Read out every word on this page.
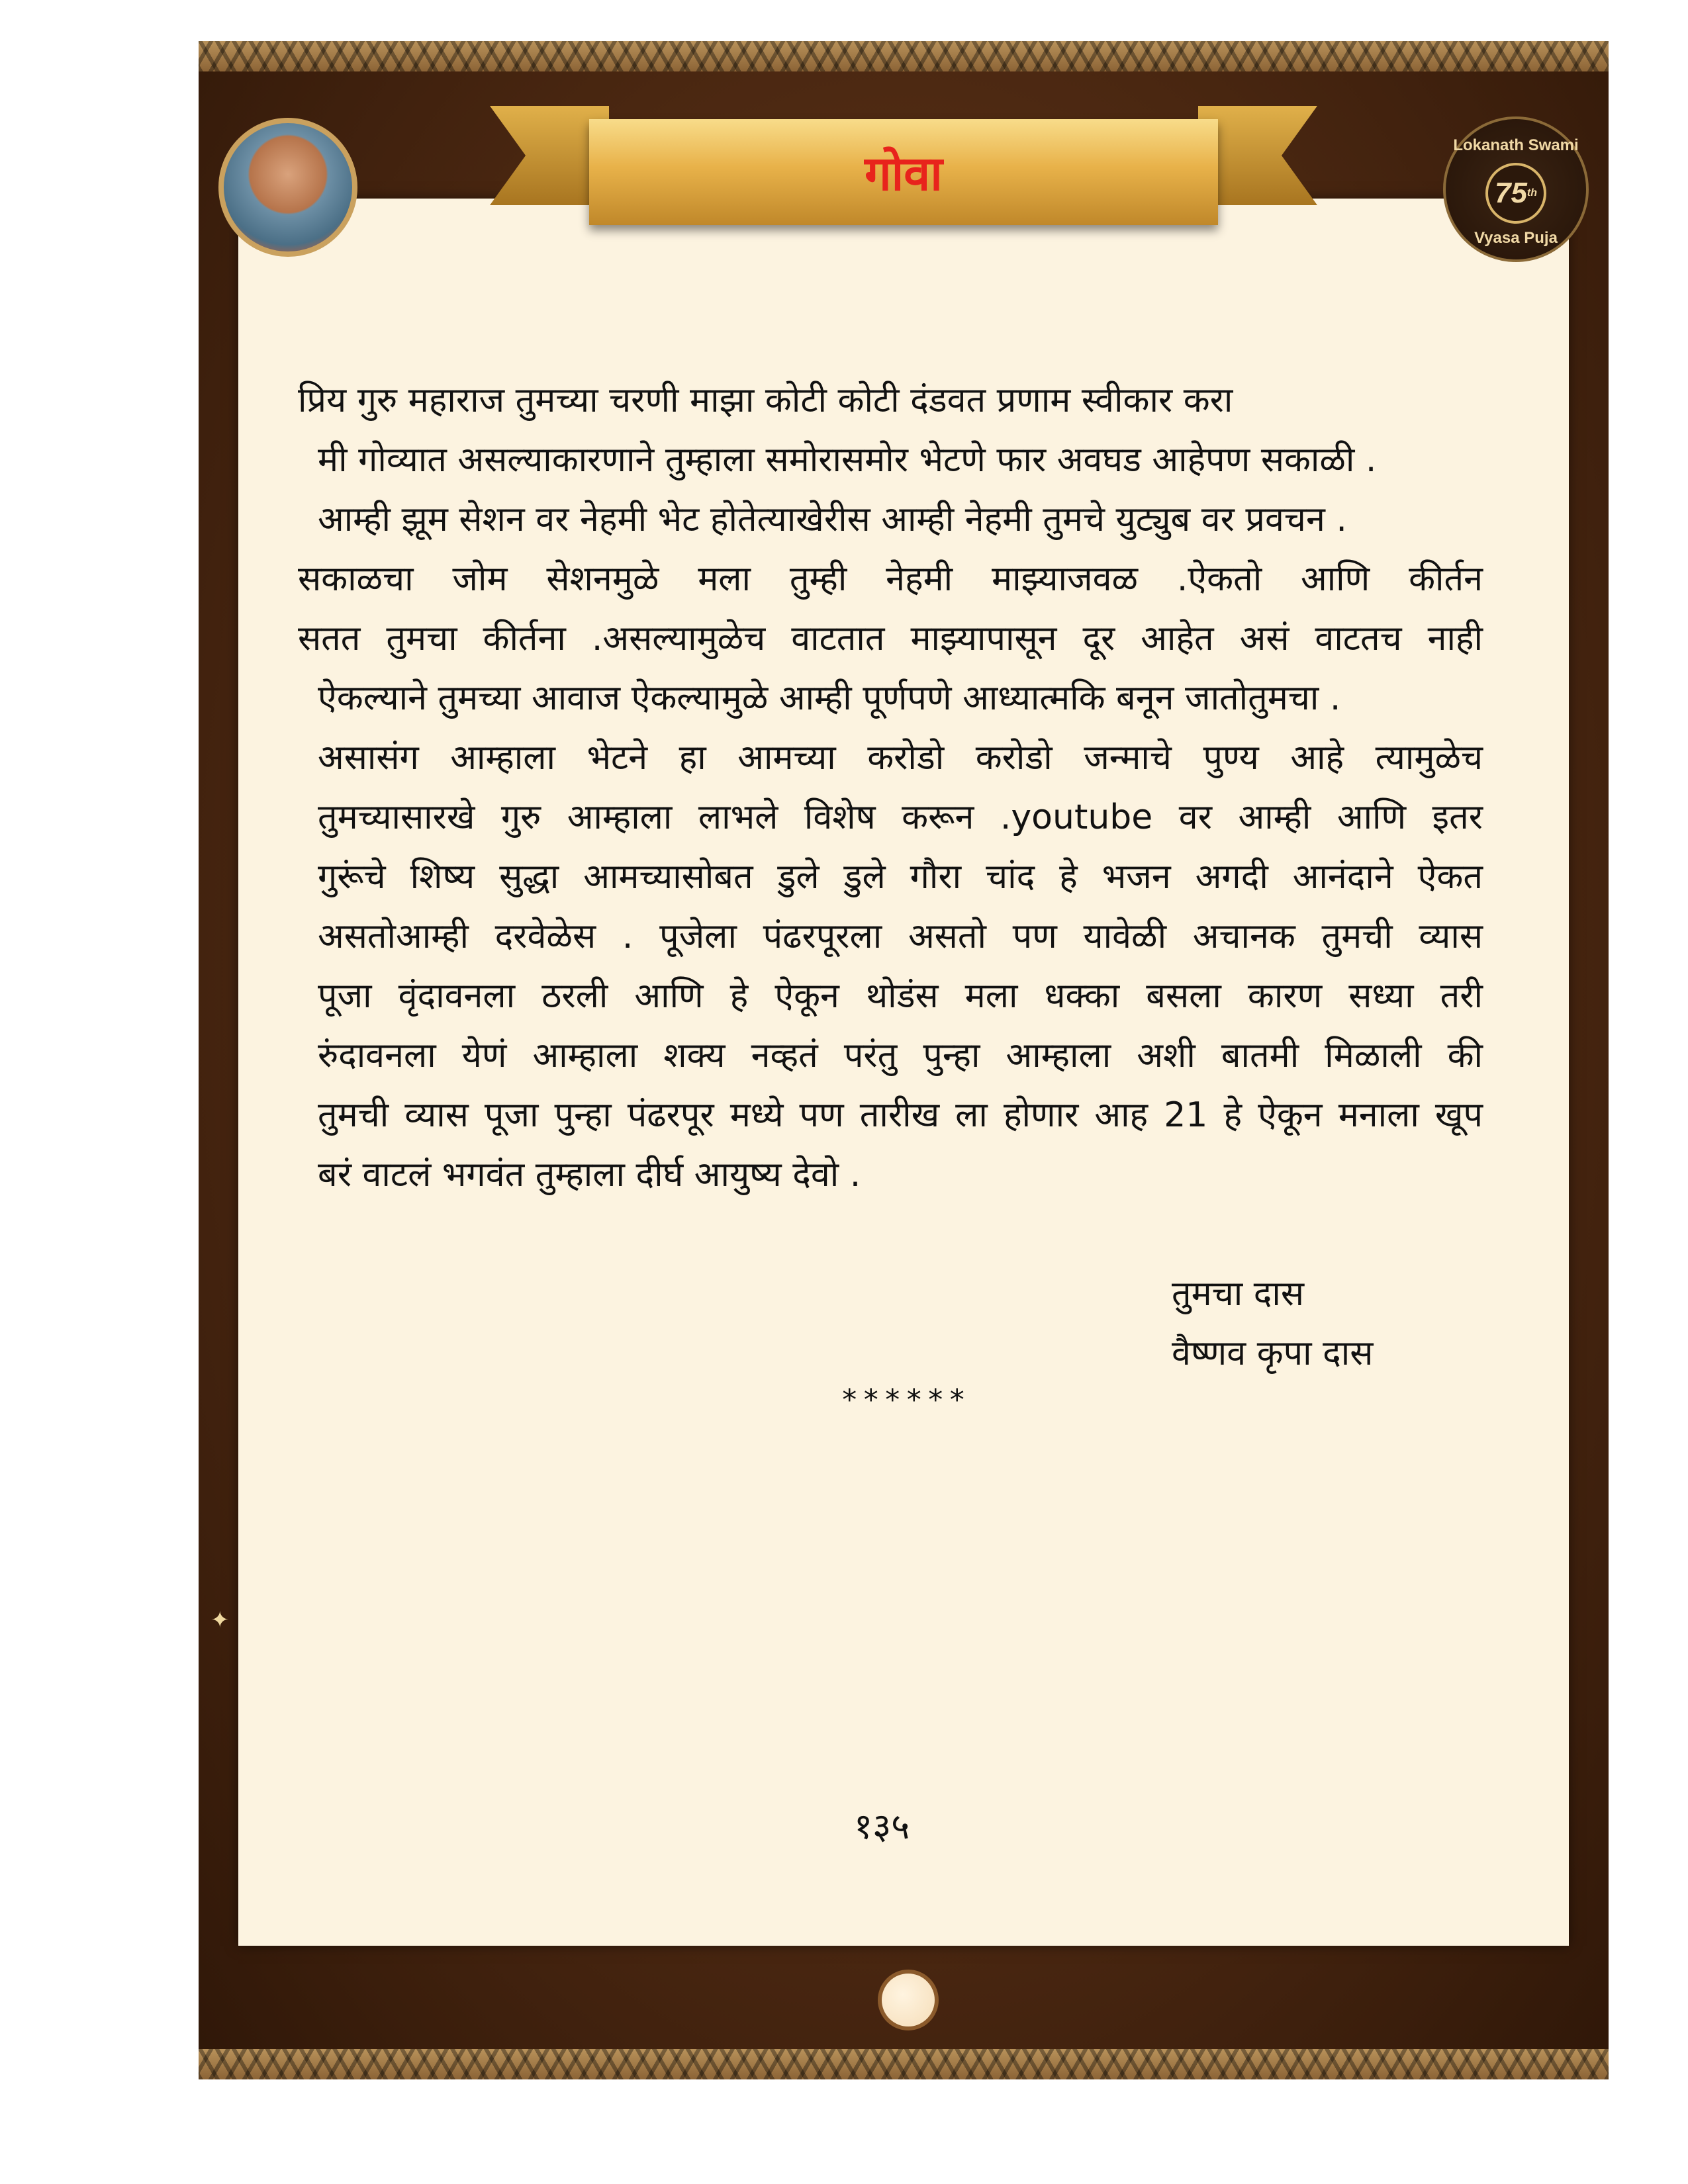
✦
गोवा
Lokanath Swami
75 th
Vyasa Puja
प्रिय गुरु महाराज तुमच्या चरणी माझा कोटी कोटी दंडवत प्रणाम स्वीकार करा
मी गोव्यात असल्याकारणाने तुम्हाला समोरासमोर भेटणे फार अवघड आहेपण सकाळी .
आम्ही झूम सेशन वर नेहमी भेट होतेत्याखेरीस आम्ही नेहमी तुमचे युट्युब वर प्रवचन .
सकाळचा जोम सेशनमुळे मला तुम्ही नेहमी माझ्याजवळ .ऐकतो आणि कीर्तन
सतत तुमचा कीर्तना .असल्यामुळेच वाटतात माझ्यापासून दूर आहेत असं वाटतच नाही
ऐकल्याने तुमच्या आवाज ऐकल्यामुळे आम्ही पूर्णपणे आध्यात्मकि बनून जातोतुमचा .
असासंग आम्हाला भेटने हा आमच्या करोडो करोडो जन्माचे पुण्य आहे त्यामुळेच
तुमच्यासारखे गुरु आम्हाला लाभले विशेष करून .youtube वर आम्ही आणि इतर
गुरूंचे शिष्य सुद्धा आमच्यासोबत डुले डुले गौरा चांद हे भजन अगदी आनंदाने ऐकत
असतोआम्ही दरवेळेस . पूजेला पंढरपूरला असतो पण यावेळी अचानक तुमची व्यास
पूजा वृंदावनला ठरली आणि हे ऐकून थोडंस मला धक्का बसला कारण सध्या तरी
रुंदावनला येणं आम्हाला शक्य नव्हतं परंतु पुन्हा आम्हाला अशी बातमी मिळाली की
तुमची व्यास पूजा पुन्हा पंढरपूर मध्ये पण तारीख ला होणार आह 21 हे ऐकून मनाला खूप
बरं वाटलं भगवंत तुम्हाला दीर्घ आयुष्य देवो .
तुमचा दास
वैष्णव कृपा दास
******
१३५
